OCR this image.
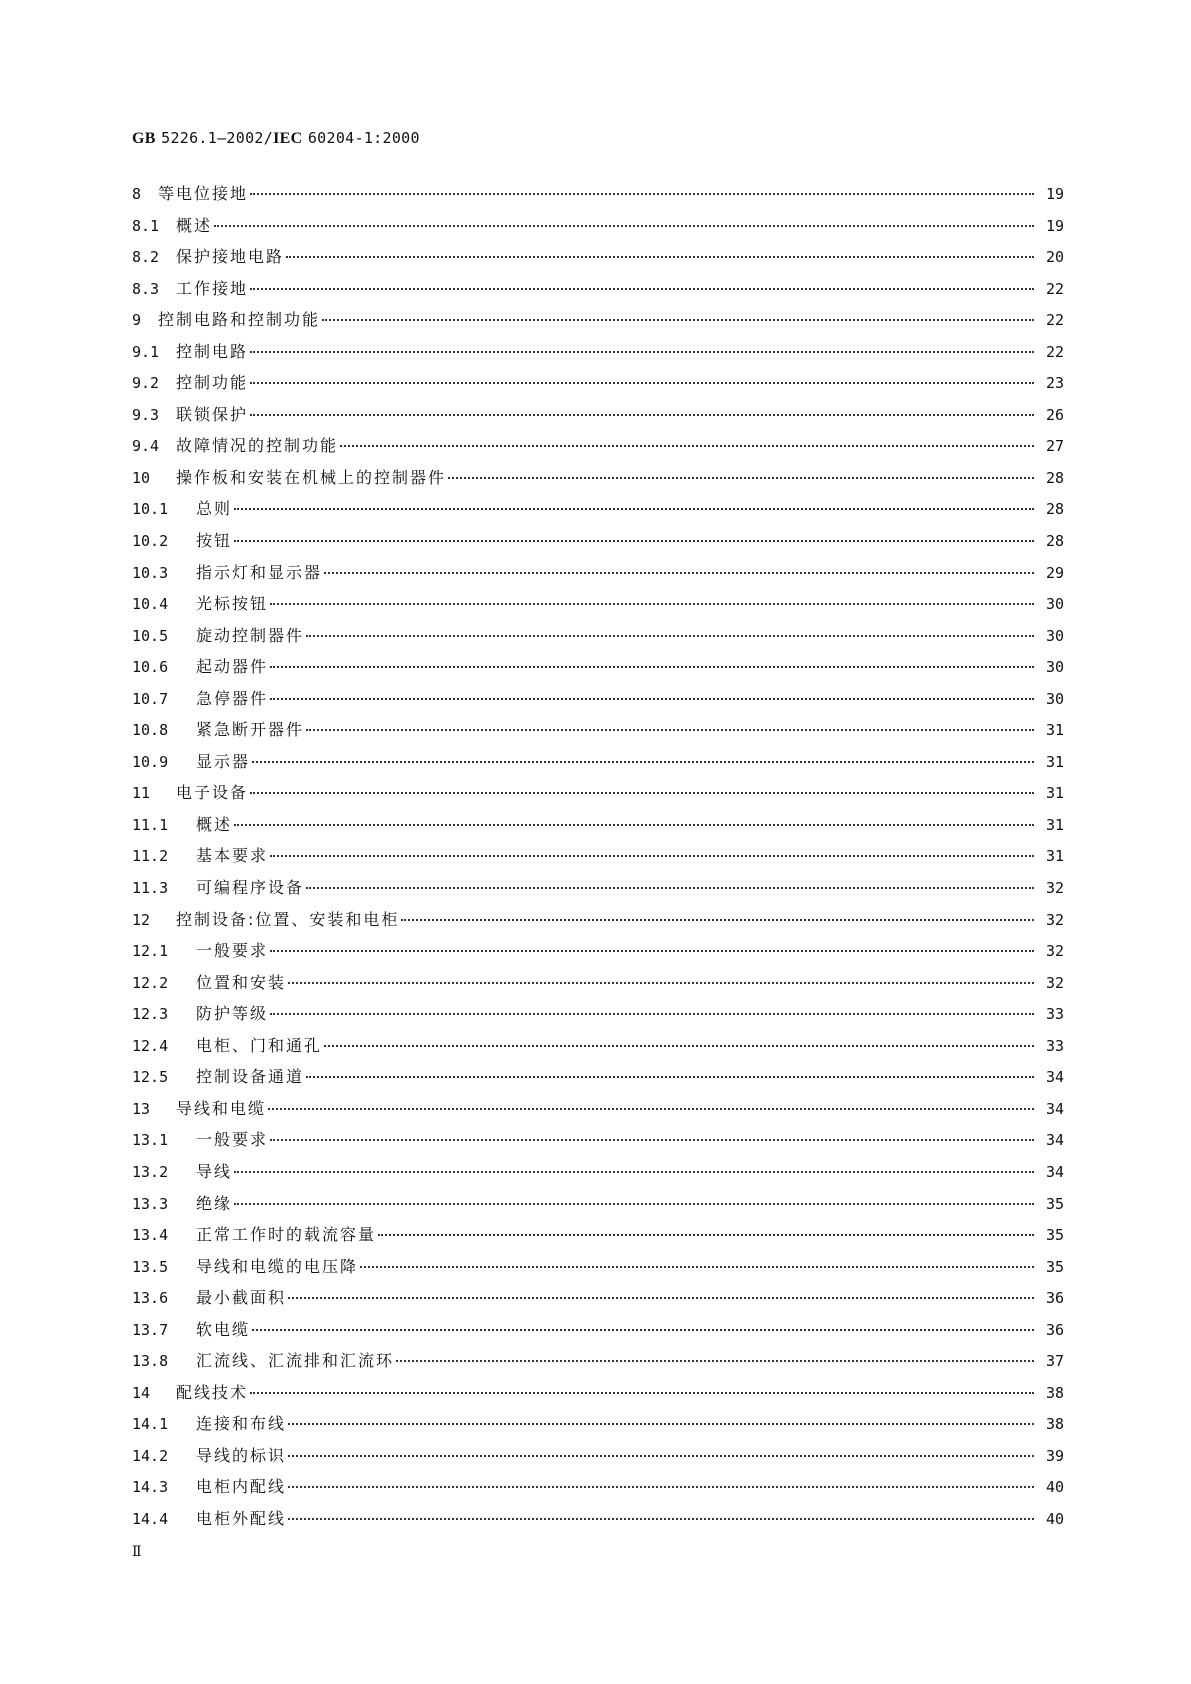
GB 5226.1—2002/IEC 60204-1:2000
8	等电位接地	19
8.1	概述	19
8.2	保护接地电路	20
8.3	工作接地	22
9	控制电路和控制功能	22
9.1	控制电路	22
9.2	控制功能	23
9.3	联锁保护	26
9.4	故障情况的控制功能	27
10	操作板和安装在机械上的控制器件	28
10.1	总则	28
10.2	按钮	28
10.3	指示灯和显示器	29
10.4	光标按钮	30
10.5	旋动控制器件	30
10.6	起动器件	30
10.7	急停器件	30
10.8	紧急断开器件	31
10.9	显示器	31
11	电子设备	31
11.1	概述	31
11.2	基本要求	31
11.3	可编程序设备	32
12	控制设备:位置、安装和电柜	32
12.1	一般要求	32
12.2	位置和安装	32
12.3	防护等级	33
12.4	电柜、门和通孔	33
12.5	控制设备通道	34
13	导线和电缆	34
13.1	一般要求	34
13.2	导线	34
13.3	绝缘	35
13.4	正常工作时的载流容量	35
13.5	导线和电缆的电压降	35
13.6	最小截面积	36
13.7	软电缆	36
13.8	汇流线、汇流排和汇流环	37
14	配线技术	38
14.1	连接和布线	38
14.2	导线的标识	39
14.3	电柜内配线	40
14.4	电柜外配线	40
Ⅱ
